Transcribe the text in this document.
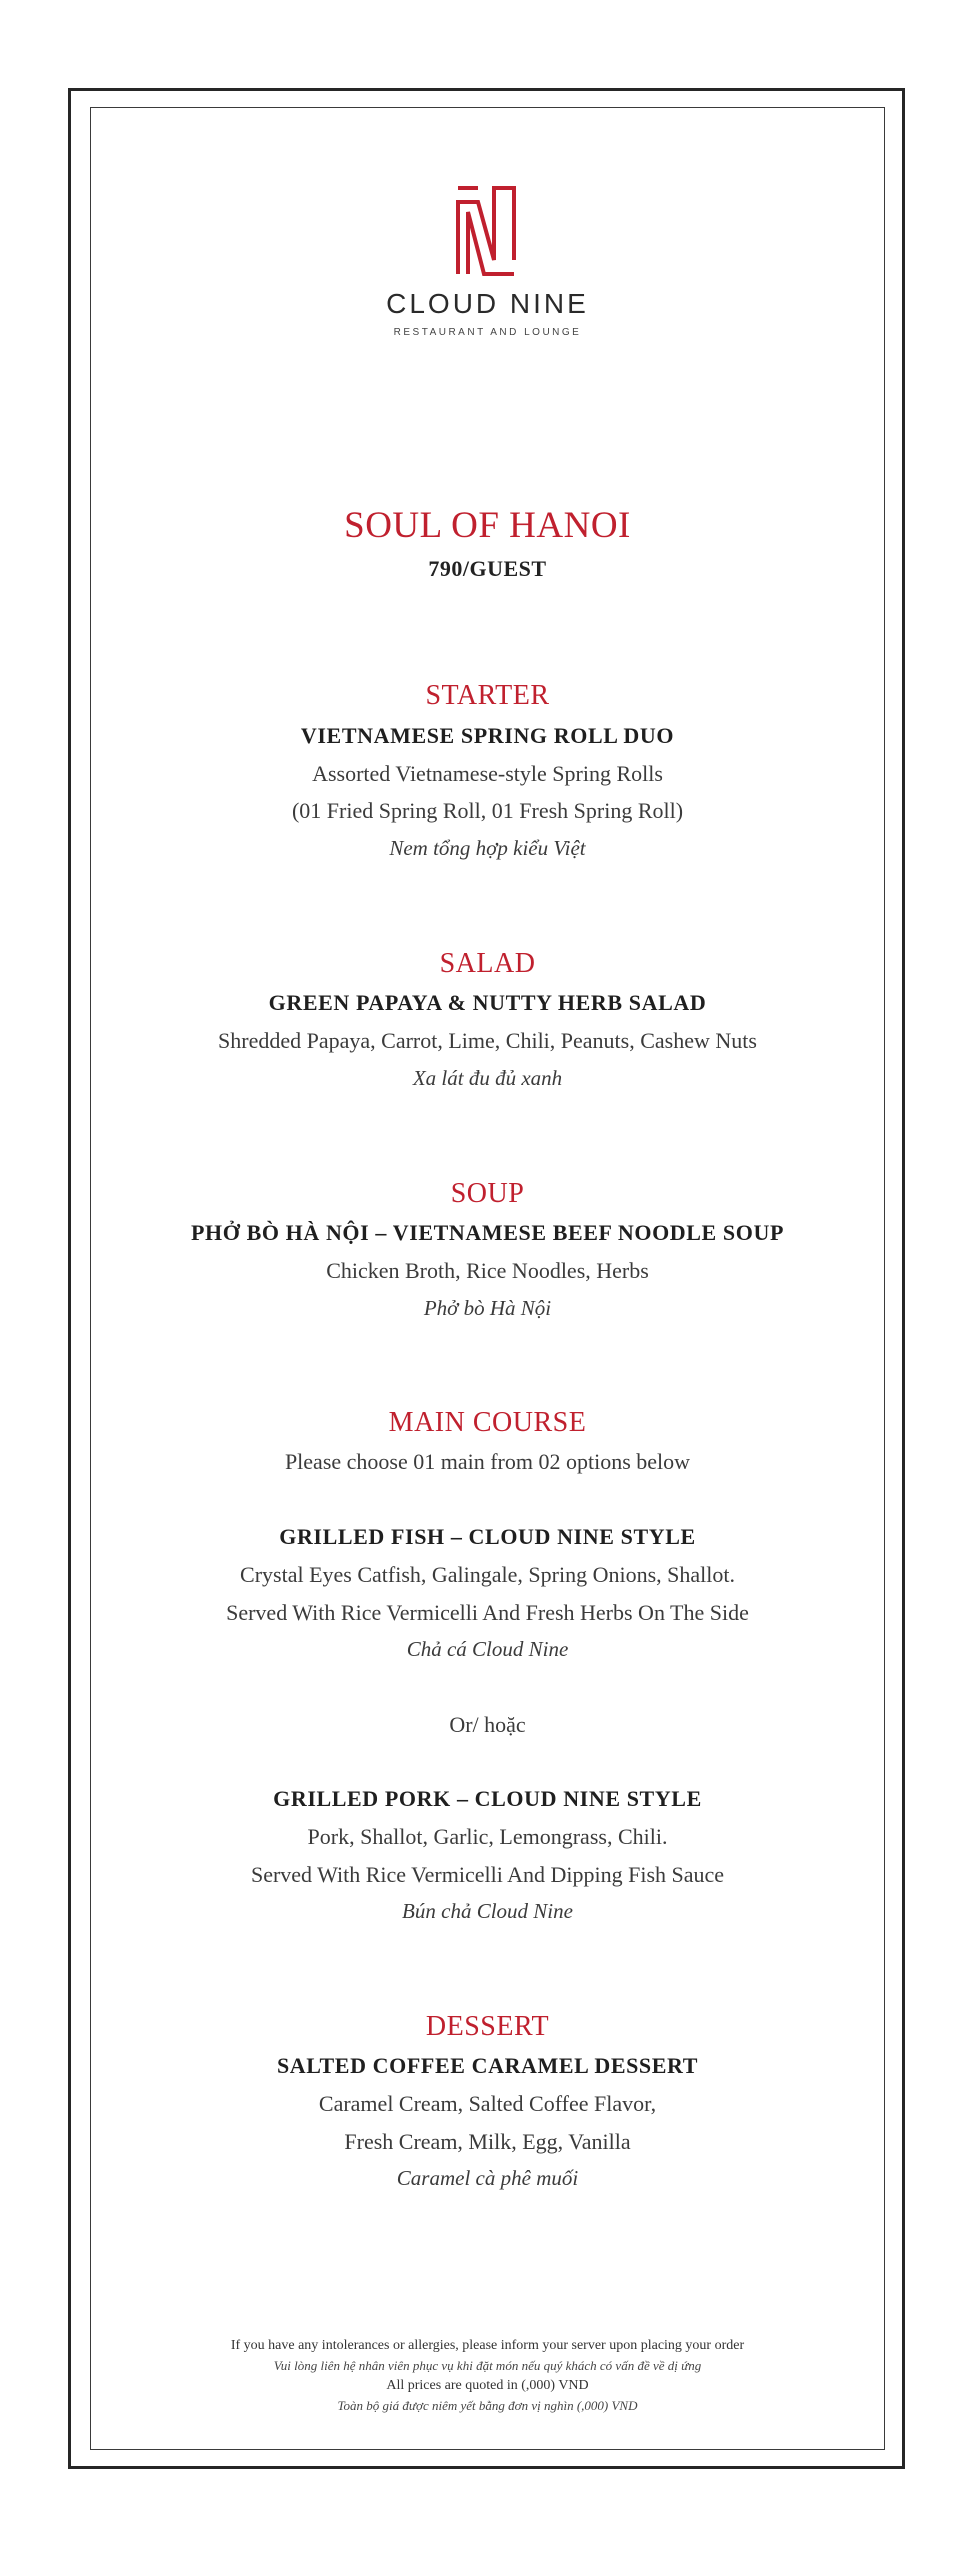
CLOUD NINE
RESTAURANT AND LOUNGE
SOUL OF HANOI
790/GUEST
STARTER
VIETNAMESE SPRING ROLL DUO
Assorted Vietnamese-style Spring Rolls
(01 Fried Spring Roll, 01 Fresh Spring Roll)
Nem tổng hợp kiểu Việt
SALAD
GREEN PAPAYA & NUTTY HERB SALAD
Shredded Papaya, Carrot, Lime, Chili, Peanuts, Cashew Nuts
Xa lát đu đủ xanh
SOUP
PHỞ BÒ HÀ NỘI – VIETNAMESE BEEF NOODLE SOUP
Chicken Broth, Rice Noodles, Herbs
Phở bò Hà Nội
MAIN COURSE
Please choose 01 main from 02 options below
GRILLED FISH – CLOUD NINE STYLE
Crystal Eyes Catfish, Galingale, Spring Onions, Shallot.
Served With Rice Vermicelli And Fresh Herbs On The Side
Chả cá Cloud Nine
Or/ hoặc
GRILLED PORK – CLOUD NINE STYLE
Pork, Shallot, Garlic, Lemongrass, Chili.
Served With Rice Vermicelli And Dipping Fish Sauce
Bún chả Cloud Nine
DESSERT
SALTED COFFEE CARAMEL DESSERT
Caramel Cream, Salted Coffee Flavor,
Fresh Cream, Milk, Egg, Vanilla
Caramel cà phê muối
If you have any intolerances or allergies, please inform your server upon placing your order
Vui lòng liên hệ nhân viên phục vụ khi đặt món nếu quý khách có vấn đề về dị ứng
All prices are quoted in (,000) VND
Toàn bộ giá được niêm yết bằng đơn vị nghìn (,000) VND
